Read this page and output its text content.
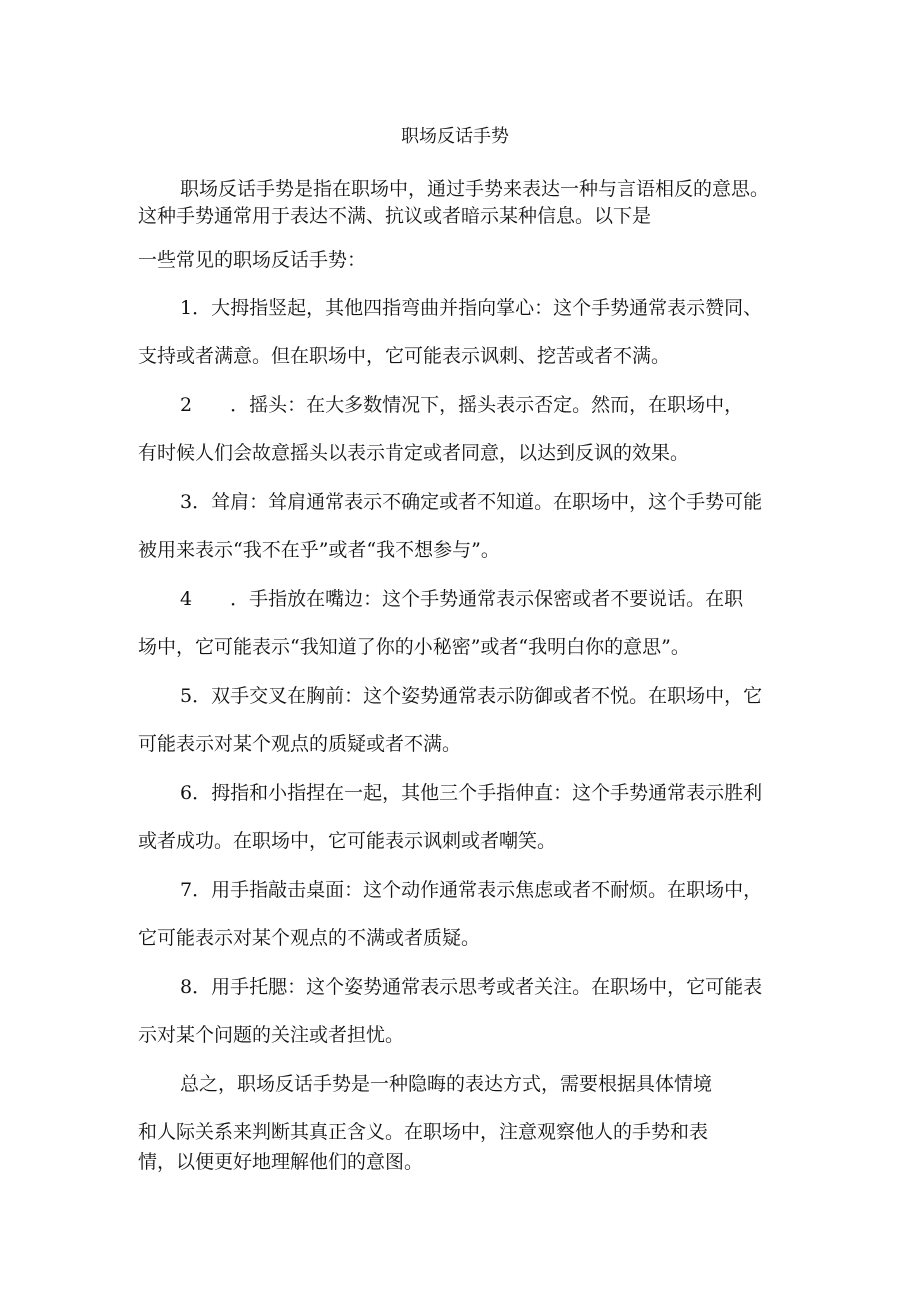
职场反话手势
职场反话手势是指在职场中，通过手势来表达一种与言语相反的意思。
这种手势通常用于表达不满、抗议或者暗示某种信息。以下是
一些常见的职场反话手势：
1．大拇指竖起，其他四指弯曲并指向掌心：这个手势通常表示赞同、
支持或者满意。但在职场中，它可能表示讽刺、挖苦或者不满。
2　　．摇头：在大多数情况下，摇头表示否定。然而，在职场中，
有时候人们会故意摇头以表示肯定或者同意，以达到反讽的效果。
3．耸肩：耸肩通常表示不确定或者不知道。在职场中，这个手势可能
被用来表示“我不在乎”或者“我不想参与”。
4　　．手指放在嘴边：这个手势通常表示保密或者不要说话。在职
场中，它可能表示“我知道了你的小秘密”或者“我明白你的意思”。
5．双手交叉在胸前：这个姿势通常表示防御或者不悦。在职场中，它
可能表示对某个观点的质疑或者不满。
6．拇指和小指捏在一起，其他三个手指伸直：这个手势通常表示胜利
或者成功。在职场中，它可能表示讽刺或者嘲笑。
7．用手指敲击桌面：这个动作通常表示焦虑或者不耐烦。在职场中，
它可能表示对某个观点的不满或者质疑。
8．用手托腮：这个姿势通常表示思考或者关注。在职场中，它可能表
示对某个问题的关注或者担忧。
总之，职场反话手势是一种隐晦的表达方式，需要根据具体情境
和人际关系来判断其真正含义。在职场中，注意观察他人的手势和表
情，以便更好地理解他们的意图。
